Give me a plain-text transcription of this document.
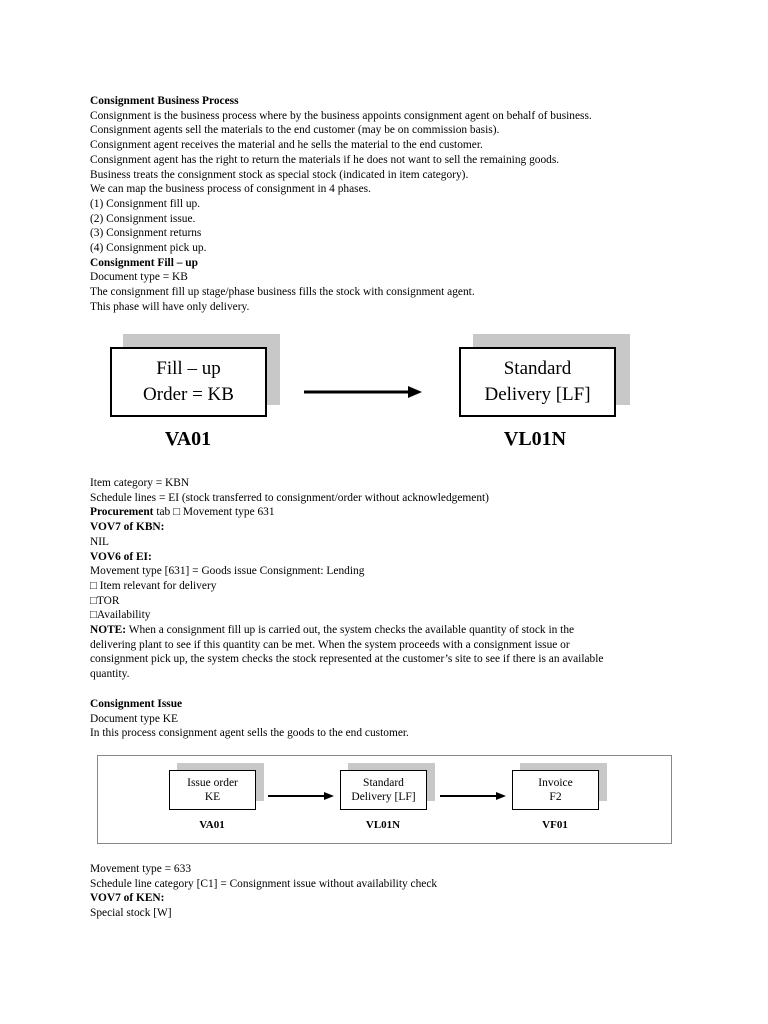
Consignment Business Process

Consignment is the business process where by the business appoints consignment agent on behalf of business.

Consignment agents sell the materials to the end customer (may be on commission basis).

Consignment agent receives the material and he sells the material to the end customer.

Consignment agent has the right to return the materials if he does not want to sell the remaining goods.

Business treats the consignment stock as special stock (indicated in item category).

We can map the business process of consignment in 4 phases.

(1) Consignment fill up.

(2) Consignment issue.

(3) Consignment returns

(4) Consignment pick up.

Consignment Fill – up

Document type = KB

The consignment fill up stage/phase business fills the stock with consignment agent.

This phase will have only delivery.

Fill – up
Order = KB
Standard
Delivery [LF]
VA01	VL01N

Item category = KBN

Schedule lines = EI (stock transferred to consignment/order without acknowledgement)

Procurement tab □ Movement type 631

VOV7 of KBN:

NIL

VOV6 of EI:

Movement type [631] = Goods issue Consignment: Lending

□ Item relevant for delivery

□TOR

□Availability

NOTE: When a consignment fill up is carried out, the system checks the available quantity of stock in the

delivering plant to see if this quantity can be met. When the system proceeds with a consignment issue or

consignment pick up, the system checks the stock represented at the customer’s site to see if there is an available

quantity.

Consignment Issue

Document type KE

In this process consignment agent sells the goods to the end customer.

Issue order
KE
Standard
Delivery [LF]
Invoice
F2
VA01	VL01N	VF01

Movement type = 633

Schedule line category [C1] = Consignment issue without availability check

VOV7 of KEN:

Special stock [W]
